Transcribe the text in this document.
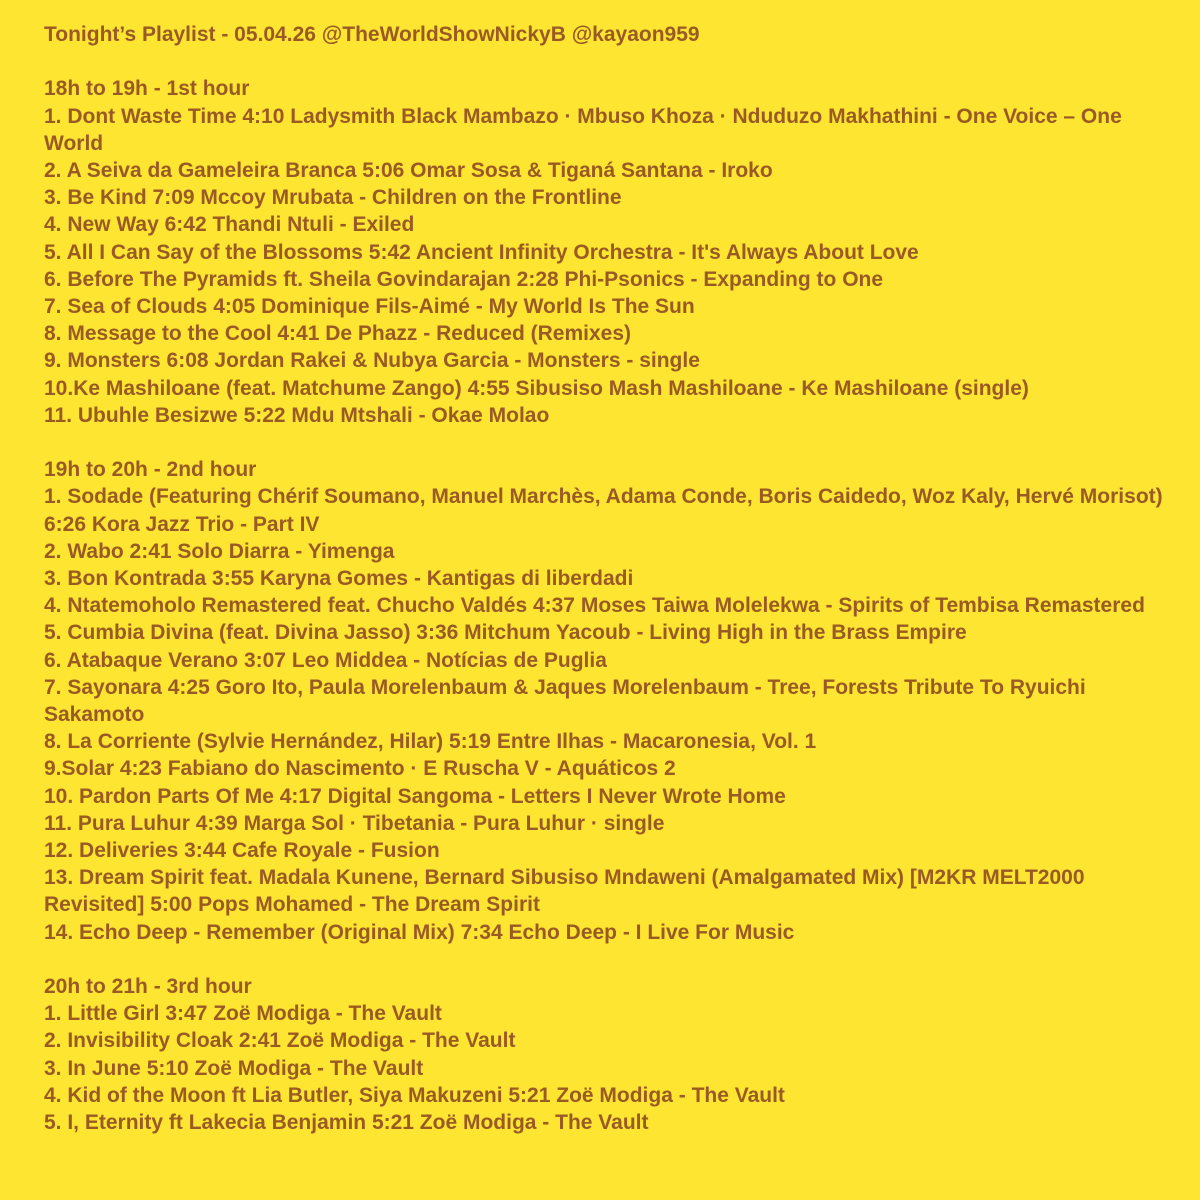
Tonight’s Playlist - 05.04.26 @TheWorldShowNickyB @kayaon959
18h to 19h - 1st hour
1. Dont Waste Time 4:10 Ladysmith Black Mambazo · Mbuso Khoza · Nduduzo Makhathini - One Voice – One World
2. A Seiva da Gameleira Branca 5:06 Omar Sosa & Tiganá Santana - Iroko
3. Be Kind 7:09 Mccoy Mrubata - Children on the Frontline
4. New Way 6:42 Thandi Ntuli - Exiled
5. All I Can Say of the Blossoms 5:42 Ancient Infinity Orchestra - It's Always About Love
6. Before The Pyramids ft. Sheila Govindarajan 2:28 Phi-Psonics - Expanding to One
7. Sea of Clouds 4:05 Dominique Fils-Aimé - My World Is The Sun
8. Message to the Cool 4:41 De Phazz - Reduced (Remixes)
9. Monsters 6:08 Jordan Rakei & Nubya Garcia - Monsters - single
10.Ke Mashiloane (feat. Matchume Zango) 4:55 Sibusiso Mash Mashiloane - Ke Mashiloane (single)
11. Ubuhle Besizwe 5:22 Mdu Mtshali - Okae Molao
19h to 20h - 2nd hour
1. Sodade (Featuring Chérif Soumano, Manuel Marchès, Adama Conde, Boris Caidedo, Woz Kaly, Hervé Morisot) 6:26 Kora Jazz Trio - Part IV
2. Wabo 2:41 Solo Diarra - Yimenga
3. Bon Kontrada 3:55 Karyna Gomes - Kantigas di liberdadi
4. Ntatemoholo Remastered feat. Chucho Valdés 4:37 Moses Taiwa Molelekwa - Spirits of Tembisa Remastered
5. Cumbia Divina (feat. Divina Jasso) 3:36 Mitchum Yacoub - Living High in the Brass Empire
6. Atabaque Verano 3:07 Leo Middea - Notícias de Puglia
7. Sayonara 4:25 Goro Ito, Paula Morelenbaum & Jaques Morelenbaum - Tree, Forests Tribute To Ryuichi Sakamoto
8. La Corriente (Sylvie Hernández, Hilar) 5:19 Entre Ilhas - Macaronesia, Vol. 1
9.Solar 4:23 Fabiano do Nascimento · E Ruscha V - Aquáticos 2
10. Pardon Parts Of Me 4:17 Digital Sangoma - Letters I Never Wrote Home
11. Pura Luhur 4:39 Marga Sol · Tibetania - Pura Luhur · single
12. Deliveries 3:44 Cafe Royale - Fusion
13. Dream Spirit feat. Madala Kunene, Bernard Sibusiso Mndaweni (Amalgamated Mix) [M2KR MELT2000 Revisited] 5:00 Pops Mohamed - The Dream Spirit
14. Echo Deep - Remember (Original Mix) 7:34 Echo Deep - I Live For Music
20h to 21h - 3rd hour
1. Little Girl 3:47 Zoë Modiga - The Vault
2. Invisibility Cloak 2:41 Zoë Modiga - The Vault
3. In June 5:10 Zoë Modiga - The Vault
4. Kid of the Moon ft Lia Butler, Siya Makuzeni 5:21 Zoë Modiga - The Vault
5. I, Eternity ft Lakecia Benjamin 5:21 Zoë Modiga - The Vault
